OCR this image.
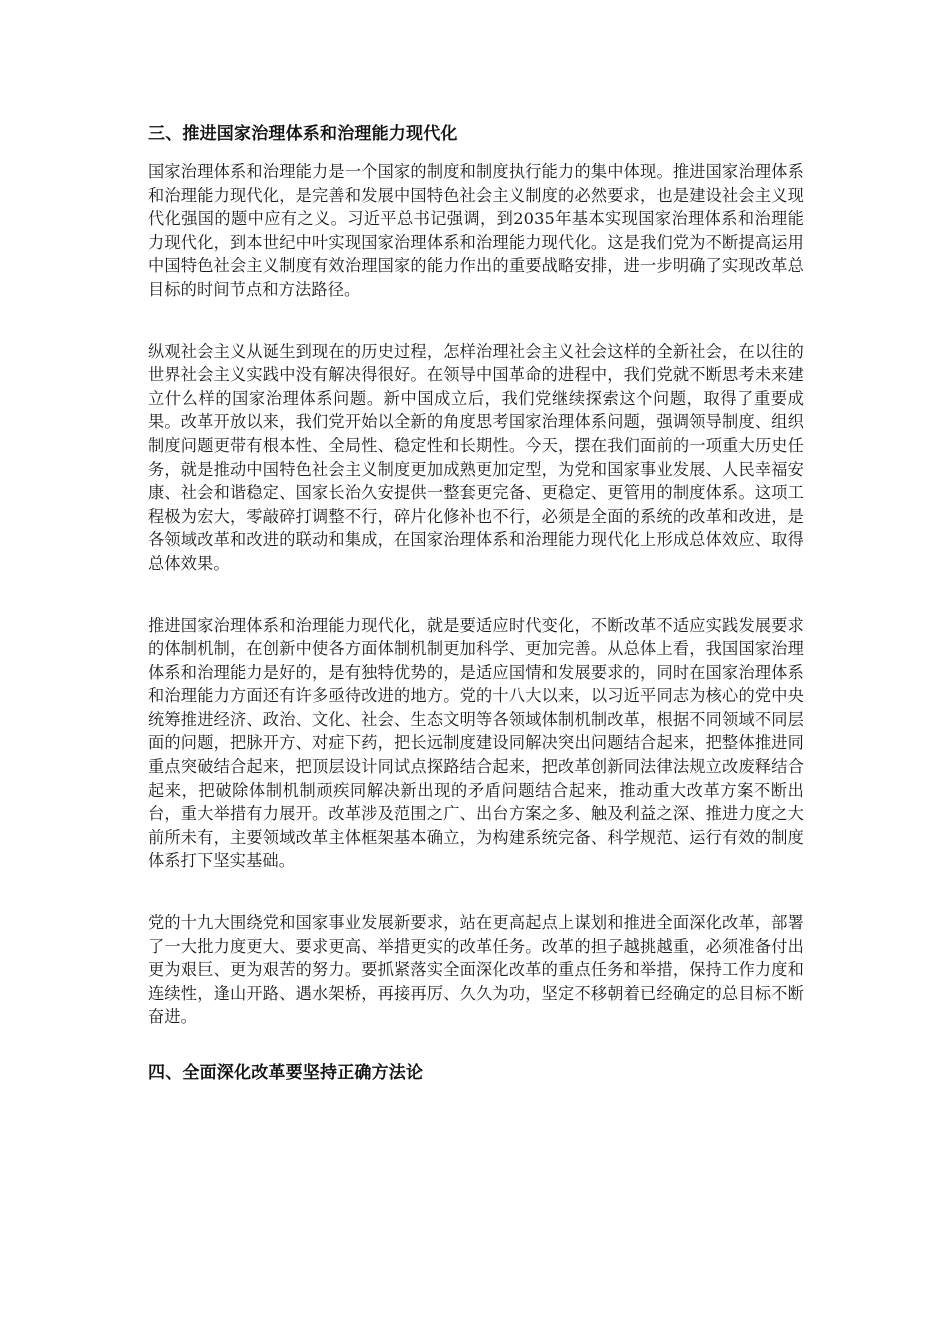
三、推进国家治理体系和治理能力现代化

国家治理体系和治理能力是一个国家的制度和制度执行能力的集中体现。推进国家治理体系和治理能力现代化，是完善和发展中国特色社会主义制度的必然要求，也是建设社会主义现代化强国的题中应有之义。习近平总书记强调，到2035年基本实现国家治理体系和治理能力现代化，到本世纪中叶实现国家治理体系和治理能力现代化。这是我们党为不断提高运用中国特色社会主义制度有效治理国家的能力作出的重要战略安排，进一步明确了实现改革总目标的时间节点和方法路径。

纵观社会主义从诞生到现在的历史过程，怎样治理社会主义社会这样的全新社会，在以往的世界社会主义实践中没有解决得很好。在领导中国革命的进程中，我们党就不断思考未来建立什么样的国家治理体系问题。新中国成立后，我们党继续探索这个问题，取得了重要成果。改革开放以来，我们党开始以全新的角度思考国家治理体系问题，强调领导制度、组织制度问题更带有根本性、全局性、稳定性和长期性。今天，摆在我们面前的一项重大历史任务，就是推动中国特色社会主义制度更加成熟更加定型，为党和国家事业发展、人民幸福安康、社会和谐稳定、国家长治久安提供一整套更完备、更稳定、更管用的制度体系。这项工程极为宏大，零敲碎打调整不行，碎片化修补也不行，必须是全面的系统的改革和改进，是各领域改革和改进的联动和集成，在国家治理体系和治理能力现代化上形成总体效应、取得总体效果。

推进国家治理体系和治理能力现代化，就是要适应时代变化，不断改革不适应实践发展要求的体制机制，在创新中使各方面体制机制更加科学、更加完善。从总体上看，我国国家治理体系和治理能力是好的，是有独特优势的，是适应国情和发展要求的，同时在国家治理体系和治理能力方面还有许多亟待改进的地方。党的十八大以来，以习近平同志为核心的党中央统筹推进经济、政治、文化、社会、生态文明等各领域体制机制改革，根据不同领域不同层面的问题，把脉开方、对症下药，把长远制度建设同解决突出问题结合起来，把整体推进同重点突破结合起来，把顶层设计同试点探路结合起来，把改革创新同法律法规立改废释结合起来，把破除体制机制顽疾同解决新出现的矛盾问题结合起来，推动重大改革方案不断出台，重大举措有力展开。改革涉及范围之广、出台方案之多、触及利益之深、推进力度之大前所未有，主要领域改革主体框架基本确立，为构建系统完备、科学规范、运行有效的制度体系打下坚实基础。

党的十九大围绕党和国家事业发展新要求，站在更高起点上谋划和推进全面深化改革，部署了一大批力度更大、要求更高、举措更实的改革任务。改革的担子越挑越重，必须准备付出更为艰巨、更为艰苦的努力。要抓紧落实全面深化改革的重点任务和举措，保持工作力度和连续性，逢山开路、遇水架桥，再接再厉、久久为功，坚定不移朝着已经确定的总目标不断奋进。

四、全面深化改革要坚持正确方法论
